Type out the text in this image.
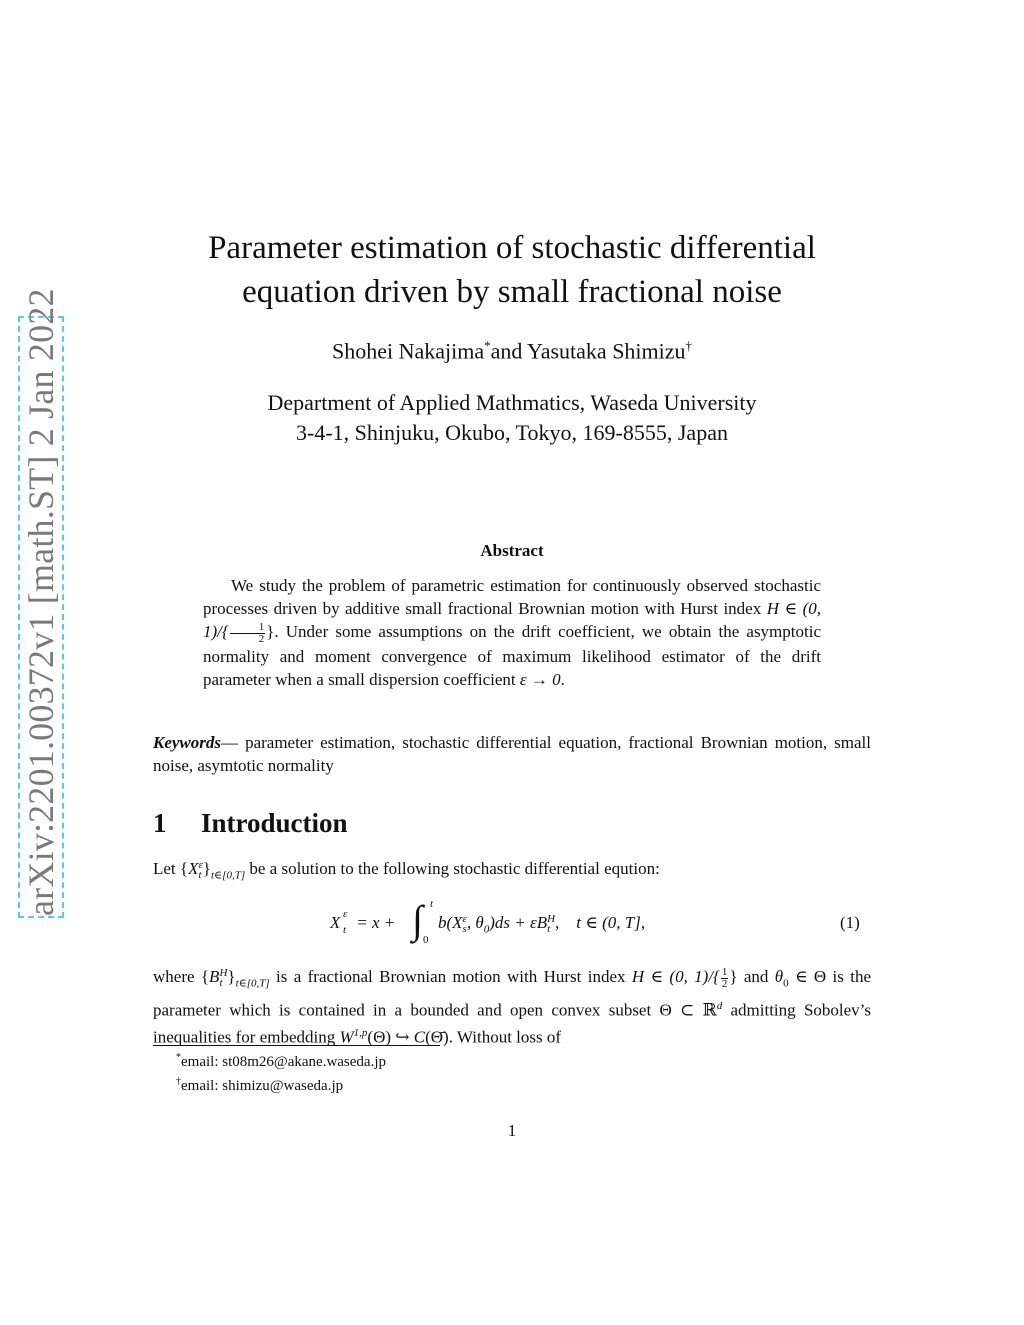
arXiv:2201.00372v1 [math.ST] 2 Jan 2022
Parameter estimation of stochastic differential
equation driven by small fractional noise
Shohei Nakajima*and Yasutaka Shimizu†
Department of Applied Mathmatics, Waseda University
3-4-1, Shinjuku, Okubo, Tokyo, 169-8555, Japan
Abstract
We study the problem of parametric estimation for continuously observed stochastic processes driven by additive small fractional Brownian motion with Hurst index H ∈ (0, $1)/\{ \frac{1}{2}$ }. Under some assumptions on the drift coefficient, we obtain the asymptotic normality and moment convergence of maximum likelihood estimator of the drift parameter when a small dispersion coefficient ε → 0.
Keywords— parameter estimation, stochastic differential equation, fractional Brownian motion, small noise, asymtotic normality
1 Introduction
Let {X ε
t }$_{t\in[0,T]}$ be a solution to the following stochastic differential eqution:
X ε
t = x + ∫ t
0
b(X ε
s , $\theta_0)ds + \varepsilon B$ H
t ,    t ∈ (0, T],	(1)
where {B H
t }$_{t\in[0,T]}$ is a fractional Brownian motion with Hurst index H ∈ (0, $1)/\{ \frac{1}{2}$ } and $\theta_0$ ∈ Θ is the parameter which is contained in a bounded and open convex subset Θ ⊂ ℝ$^d$ admitting Sobolev’s inequalities for embedding W$^{1,p}$(Θ) ↪ C(Θ̄). Without loss of
*email: st08m26@akane.waseda.jp
†email: shimizu@waseda.jp
1
